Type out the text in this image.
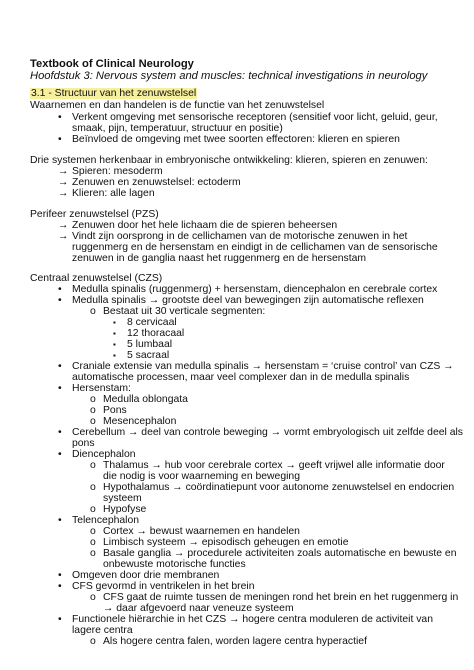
Textbook of Clinical Neurology
Hoofdstuk 3: Nervous system and muscles: technical investigations in neurology
3.1 - Structuur van het zenuwstelsel
Waarnemen en dan handelen is de functie van het zenuwstelsel
• Verkent omgeving met sensorische receptoren (sensitief voor licht, geluid, geur,
smaak, pijn, temperatuur, structuur en positie)
• Beïnvloed de omgeving met twee soorten effectoren: klieren en spieren
Drie systemen herkenbaar in embryonische ontwikkeling: klieren, spieren en zenuwen:
→ Spieren: mesoderm
→ Zenuwen en zenuwstelsel: ectoderm
→ Klieren: alle lagen
Perifeer zenuwstelsel (PZS)
→ Zenuwen door het hele lichaam die de spieren beheersen
→ Vindt zijn oorsprong in de cellichamen van de motorische zenuwen in het
ruggenmerg en de hersenstam en eindigt in de cellichamen van de sensorische
zenuwen in de ganglia naast het ruggenmerg en de hersenstam
Centraal zenuwstelsel (CZS)
• Medulla spinalis (ruggenmerg) + hersenstam, diencephalon en cerebrale cortex
• Medulla spinalis → grootste deel van bewegingen zijn automatische reflexen
o Bestaat uit 30 verticale segmenten:
▪ 8 cervicaal
▪ 12 thoracaal
▪ 5 lumbaal
▪ 5 sacraal
• Craniale extensie van medulla spinalis → hersenstam = ‘cruise control’ van CZS →
automatische processen, maar veel complexer dan in de medulla spinalis
• Hersenstam:
o Medulla oblongata
o Pons
o Mesencephalon
• Cerebellum → deel van controle beweging → vormt embryologisch uit zelfde deel als
pons
• Diencephalon
o Thalamus → hub voor cerebrale cortex → geeft vrijwel alle informatie door
die nodig is voor waarneming en beweging
o Hypothalamus → coördinatiepunt voor autonome zenuwstelsel en endocrien
systeem
o Hypofyse
• Telencephalon
o Cortex → bewust waarnemen en handelen
o Limbisch systeem → episodisch geheugen en emotie
o Basale ganglia → procedurele activiteiten zoals automatische en bewuste en
onbewuste motorische functies
• Omgeven door drie membranen
• CFS gevormd in ventrikelen in het brein
o CFS gaat de ruimte tussen de meningen rond het brein en het ruggenmerg in
→ daar afgevoerd naar veneuze systeem
• Functionele hiërarchie in het CZS → hogere centra moduleren de activiteit van
lagere centra
o Als hogere centra falen, worden lagere centra hyperactief
